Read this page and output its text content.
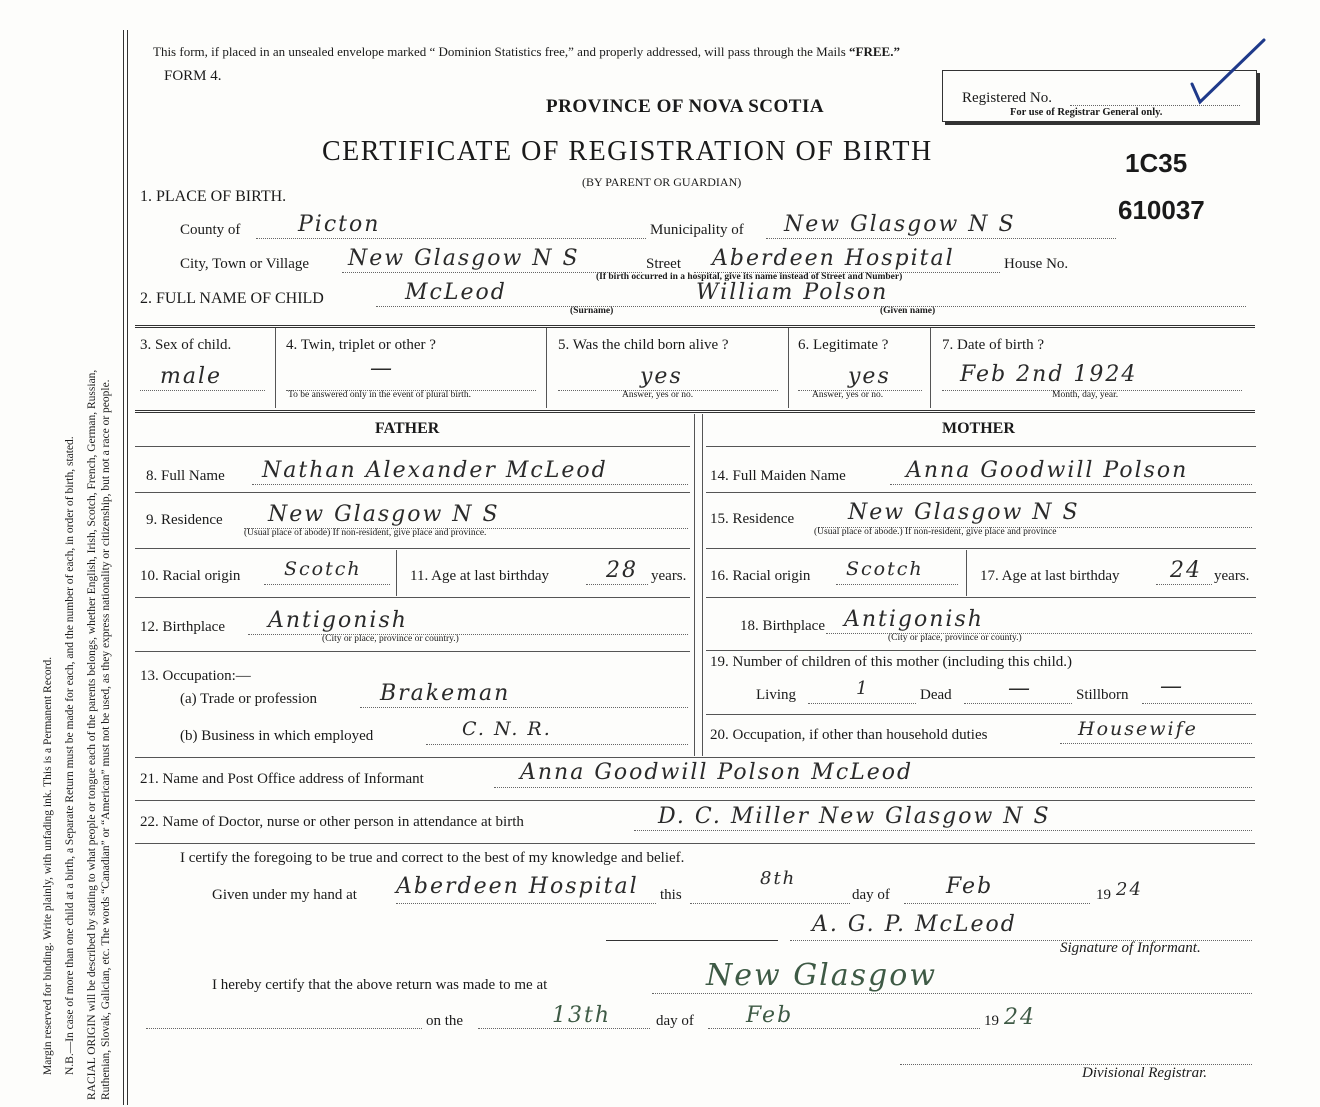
Ruthenian, Slovak, Galician, etc. The words “Canadian” or “American” must not be used, as they express nationality or citizenship, but not a race or people.
RACIAL ORIGIN will be described by stating to what people or tongue each of the parents belongs, whether English, Irish, Scotch, French, German, Russian,
N.B.—In case of more than one child at a birth, a Separate Return must be made for each, and the number of each, in order of birth, stated.
Margin reserved for binding. Write plainly, with unfading ink. This is a Permanent Record.
This form, if placed in an unsealed envelope marked “ Dominion Statistics free,” and properly addressed, will pass through the Mails “FREE.”
FORM 4.
PROVINCE OF NOVA SCOTIA
CERTIFICATE OF REGISTRATION OF BIRTH
(BY PARENT OR GUARDIAN)
Registered No.
For use of Registrar General only.
1C35
610037
1. PLACE OF BIRTH.
County of	Picton	Municipality of New Glasgow N S
City, Town or Village New Glasgow N S
(If birth occurred in a hospital, give its name instead of Street and Number)
Street Aberdeen Hospital	House No.
2. FULL NAME OF CHILD	McLeod	William Polson
(Surname)	(Given name)
3. Sex of child.
male
4. Twin, triplet or other ?
—
To be answered only in the event of plural birth.
5. Was the child born alive ?
yes
Answer, yes or no.
6. Legitimate ?
yes
Answer, yes or no.
7. Date of birth ?
Feb 2nd 1924
Month, day, year.
FATHER	MOTHER
8. Full Name Nathan Alexander McLeod	14. Full Maiden Name	Anna Goodwill Polson
9. Residence New Glasgow N S
(Usual place of abode) If non-resident, give place and province.
15. Residence New Glasgow N S
(Usual place of abode.) If non-resident, give place and province
10. Racial origin Scotch	11. Age at last birthday	28 years. 16. Racial origin Scotch	17. Age at last birthday 24 years.
12. Birthplace Antigonish
(City or place, province or country.)
18. Birthplace Antigonish
(City or place, province or county.)
13. Occupation:—
(a) Trade or profession	Brakeman
(b) Business in which employed	C. N. R.
19. Number of children of this mother (including this child.)
Living	1	Dead	—	Stillborn —
20. Occupation, if other than household duties	Housewife
21. Name and Post Office address of Informant	Anna Goodwill Polson McLeod
22. Name of Doctor, nurse or other person in attendance at birth	D. C. Miller New Glasgow N S
I certify the foregoing to be true and correct to the best of my knowledge and belief.
Given under my hand at Aberdeen Hospital this
8th
day of	Feb	19 24
A. G. P. McLeod
Signature of Informant.
I hereby certify that the above return was made to me at	New Glasgow
on the	13th	day of Feb	19 24
Divisional Registrar.
